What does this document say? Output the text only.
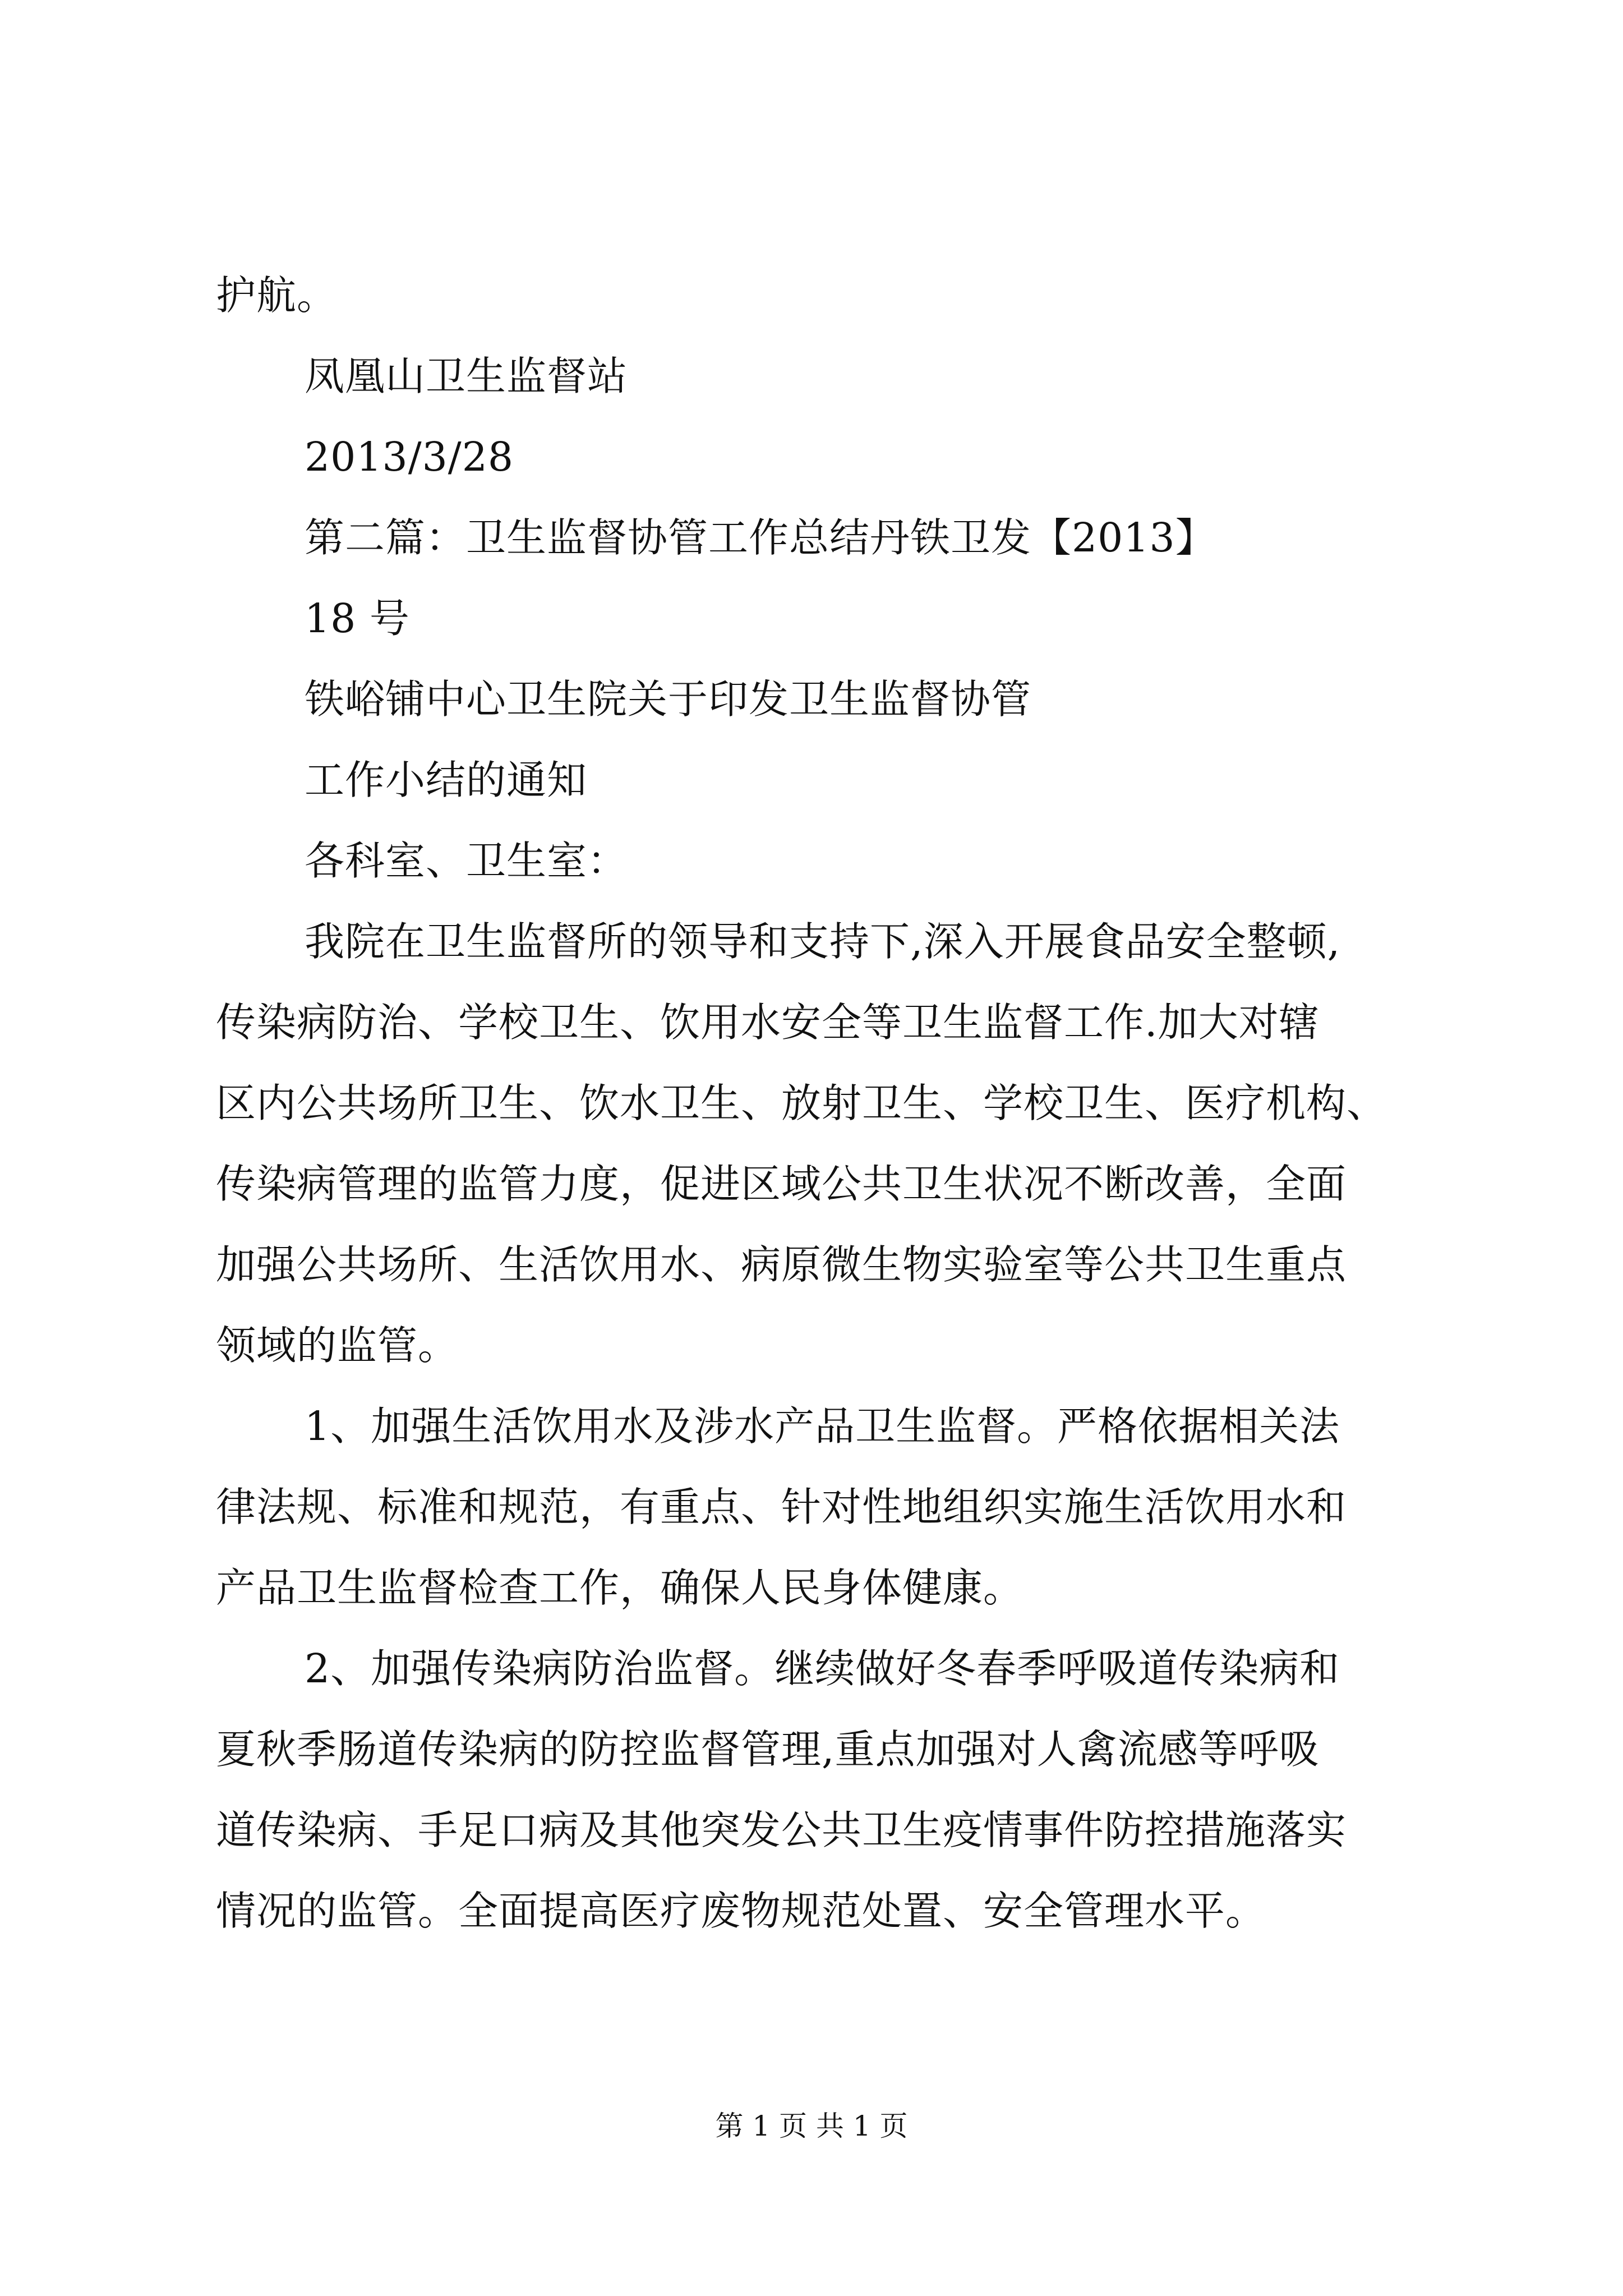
护航。
凤凰山卫生监督站
2013/3/28
第二篇：卫生监督协管工作总结丹铁卫发【2013】
18 号
铁峪铺中心卫生院关于印发卫生监督协管
工作小结的通知
各科室、卫生室：
我院在卫生监督所的领导和支持下,深入开展食品安全整顿,
传染病防治、学校卫生、饮用水安全等卫生监督工作.加大对辖
区内公共场所卫生、饮水卫生、放射卫生、学校卫生、医疗机构、
传染病管理的监管力度，促进区域公共卫生状况不断改善，全面
加强公共场所、生活饮用水、病原微生物实验室等公共卫生重点
领域的监管。
1、加强生活饮用水及涉水产品卫生监督。严格依据相关法
律法规、标准和规范，有重点、针对性地组织实施生活饮用水和
产品卫生监督检查工作，确保人民身体健康。
2、加强传染病防治监督。继续做好冬春季呼吸道传染病和
夏秋季肠道传染病的防控监督管理,重点加强对人禽流感等呼吸
道传染病、手足口病及其他突发公共卫生疫情事件防控措施落实
情况的监管。全面提高医疗废物规范处置、安全管理水平。
第 1 页 共 1 页
